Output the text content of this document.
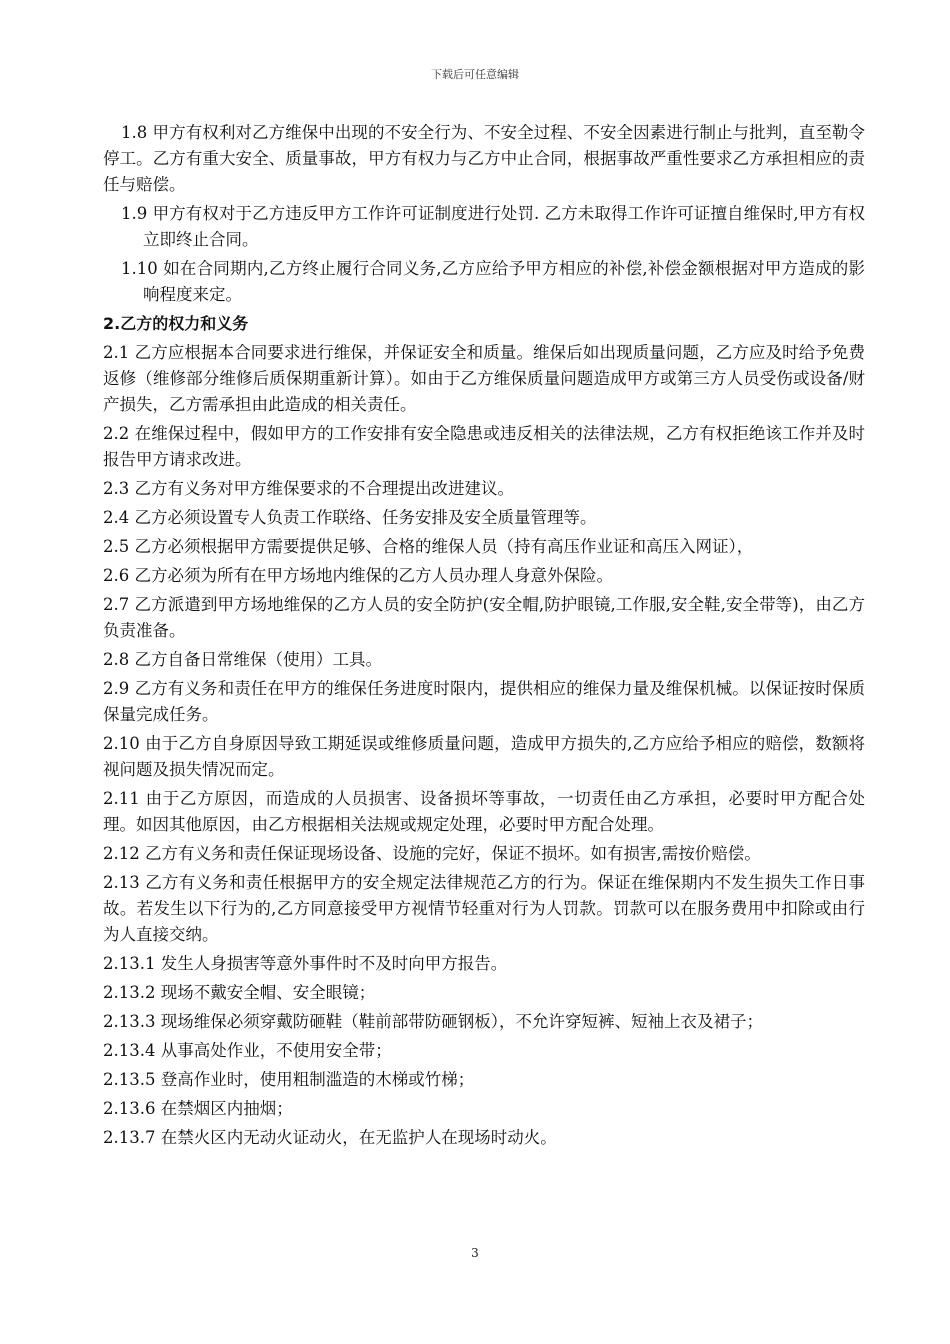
下载后可任意编辑

1.8 甲方有权利对乙方维保中出现的不安全行为、不安全过程、不安全因素进行制止与批判，直至勒令停工。乙方有重大安全、质量事故，甲方有权力与乙方中止合同，根据事故严重性要求乙方承担相应的责任与赔偿。

1.9 甲方有权对于乙方违反甲方工作许可证制度进行处罚. 乙方未取得工作许可证擅自维保时,甲方有权立即终止合同。

1.10 如在合同期内,乙方终止履行合同义务,乙方应给予甲方相应的补偿,补偿金额根据对甲方造成的影响程度来定。

2.乙方的权力和义务

2.1 乙方应根据本合同要求进行维保，并保证安全和质量。维保后如出现质量问题，乙方应及时给予免费返修（维修部分维修后质保期重新计算）。如由于乙方维保质量问题造成甲方或第三方人员受伤或设备/财产损失，乙方需承担由此造成的相关责任。

2.2 在维保过程中，假如甲方的工作安排有安全隐患或违反相关的法律法规，乙方有权拒绝该工作并及时报告甲方请求改进。

2.3 乙方有义务对甲方维保要求的不合理提出改进建议。

2.4 乙方必须设置专人负责工作联络、任务安排及安全质量管理等。

2.5 乙方必须根据甲方需要提供足够、合格的维保人员（持有高压作业证和高压入网证），

2.6 乙方必须为所有在甲方场地内维保的乙方人员办理人身意外保险。

2.7 乙方派遣到甲方场地维保的乙方人员的安全防护(安全帽,防护眼镜,工作服,安全鞋,安全带等)，由乙方负责准备。

2.8 乙方自备日常维保（使用）工具。

2.9 乙方有义务和责任在甲方的维保任务进度时限内，提供相应的维保力量及维保机械。以保证按时保质保量完成任务。

2.10 由于乙方自身原因导致工期延误或维修质量问题，造成甲方损失的,乙方应给予相应的赔偿，数额将视问题及损失情况而定。

2.11 由于乙方原因，而造成的人员损害、设备损坏等事故，一切责任由乙方承担，必要时甲方配合处理。如因其他原因，由乙方根据相关法规或规定处理，必要时甲方配合处理。

2.12 乙方有义务和责任保证现场设备、设施的完好，保证不损坏。如有损害,需按价赔偿。

2.13 乙方有义务和责任根据甲方的安全规定法律规范乙方的行为。保证在维保期内不发生损失工作日事故。若发生以下行为的,乙方同意接受甲方视情节轻重对行为人罚款。罚款可以在服务费用中扣除或由行为人直接交纳。

2.13.1 发生人身损害等意外事件时不及时向甲方报告。

2.13.2 现场不戴安全帽、安全眼镜；

2.13.3 现场维保必须穿戴防砸鞋（鞋前部带防砸钢板），不允许穿短裤、短袖上衣及裙子；

2.13.4 从事高处作业，不使用安全带；

2.13.5 登高作业时，使用粗制滥造的木梯或竹梯；

2.13.6 在禁烟区内抽烟；

2.13.7 在禁火区内无动火证动火，在无监护人在现场时动火。

3
